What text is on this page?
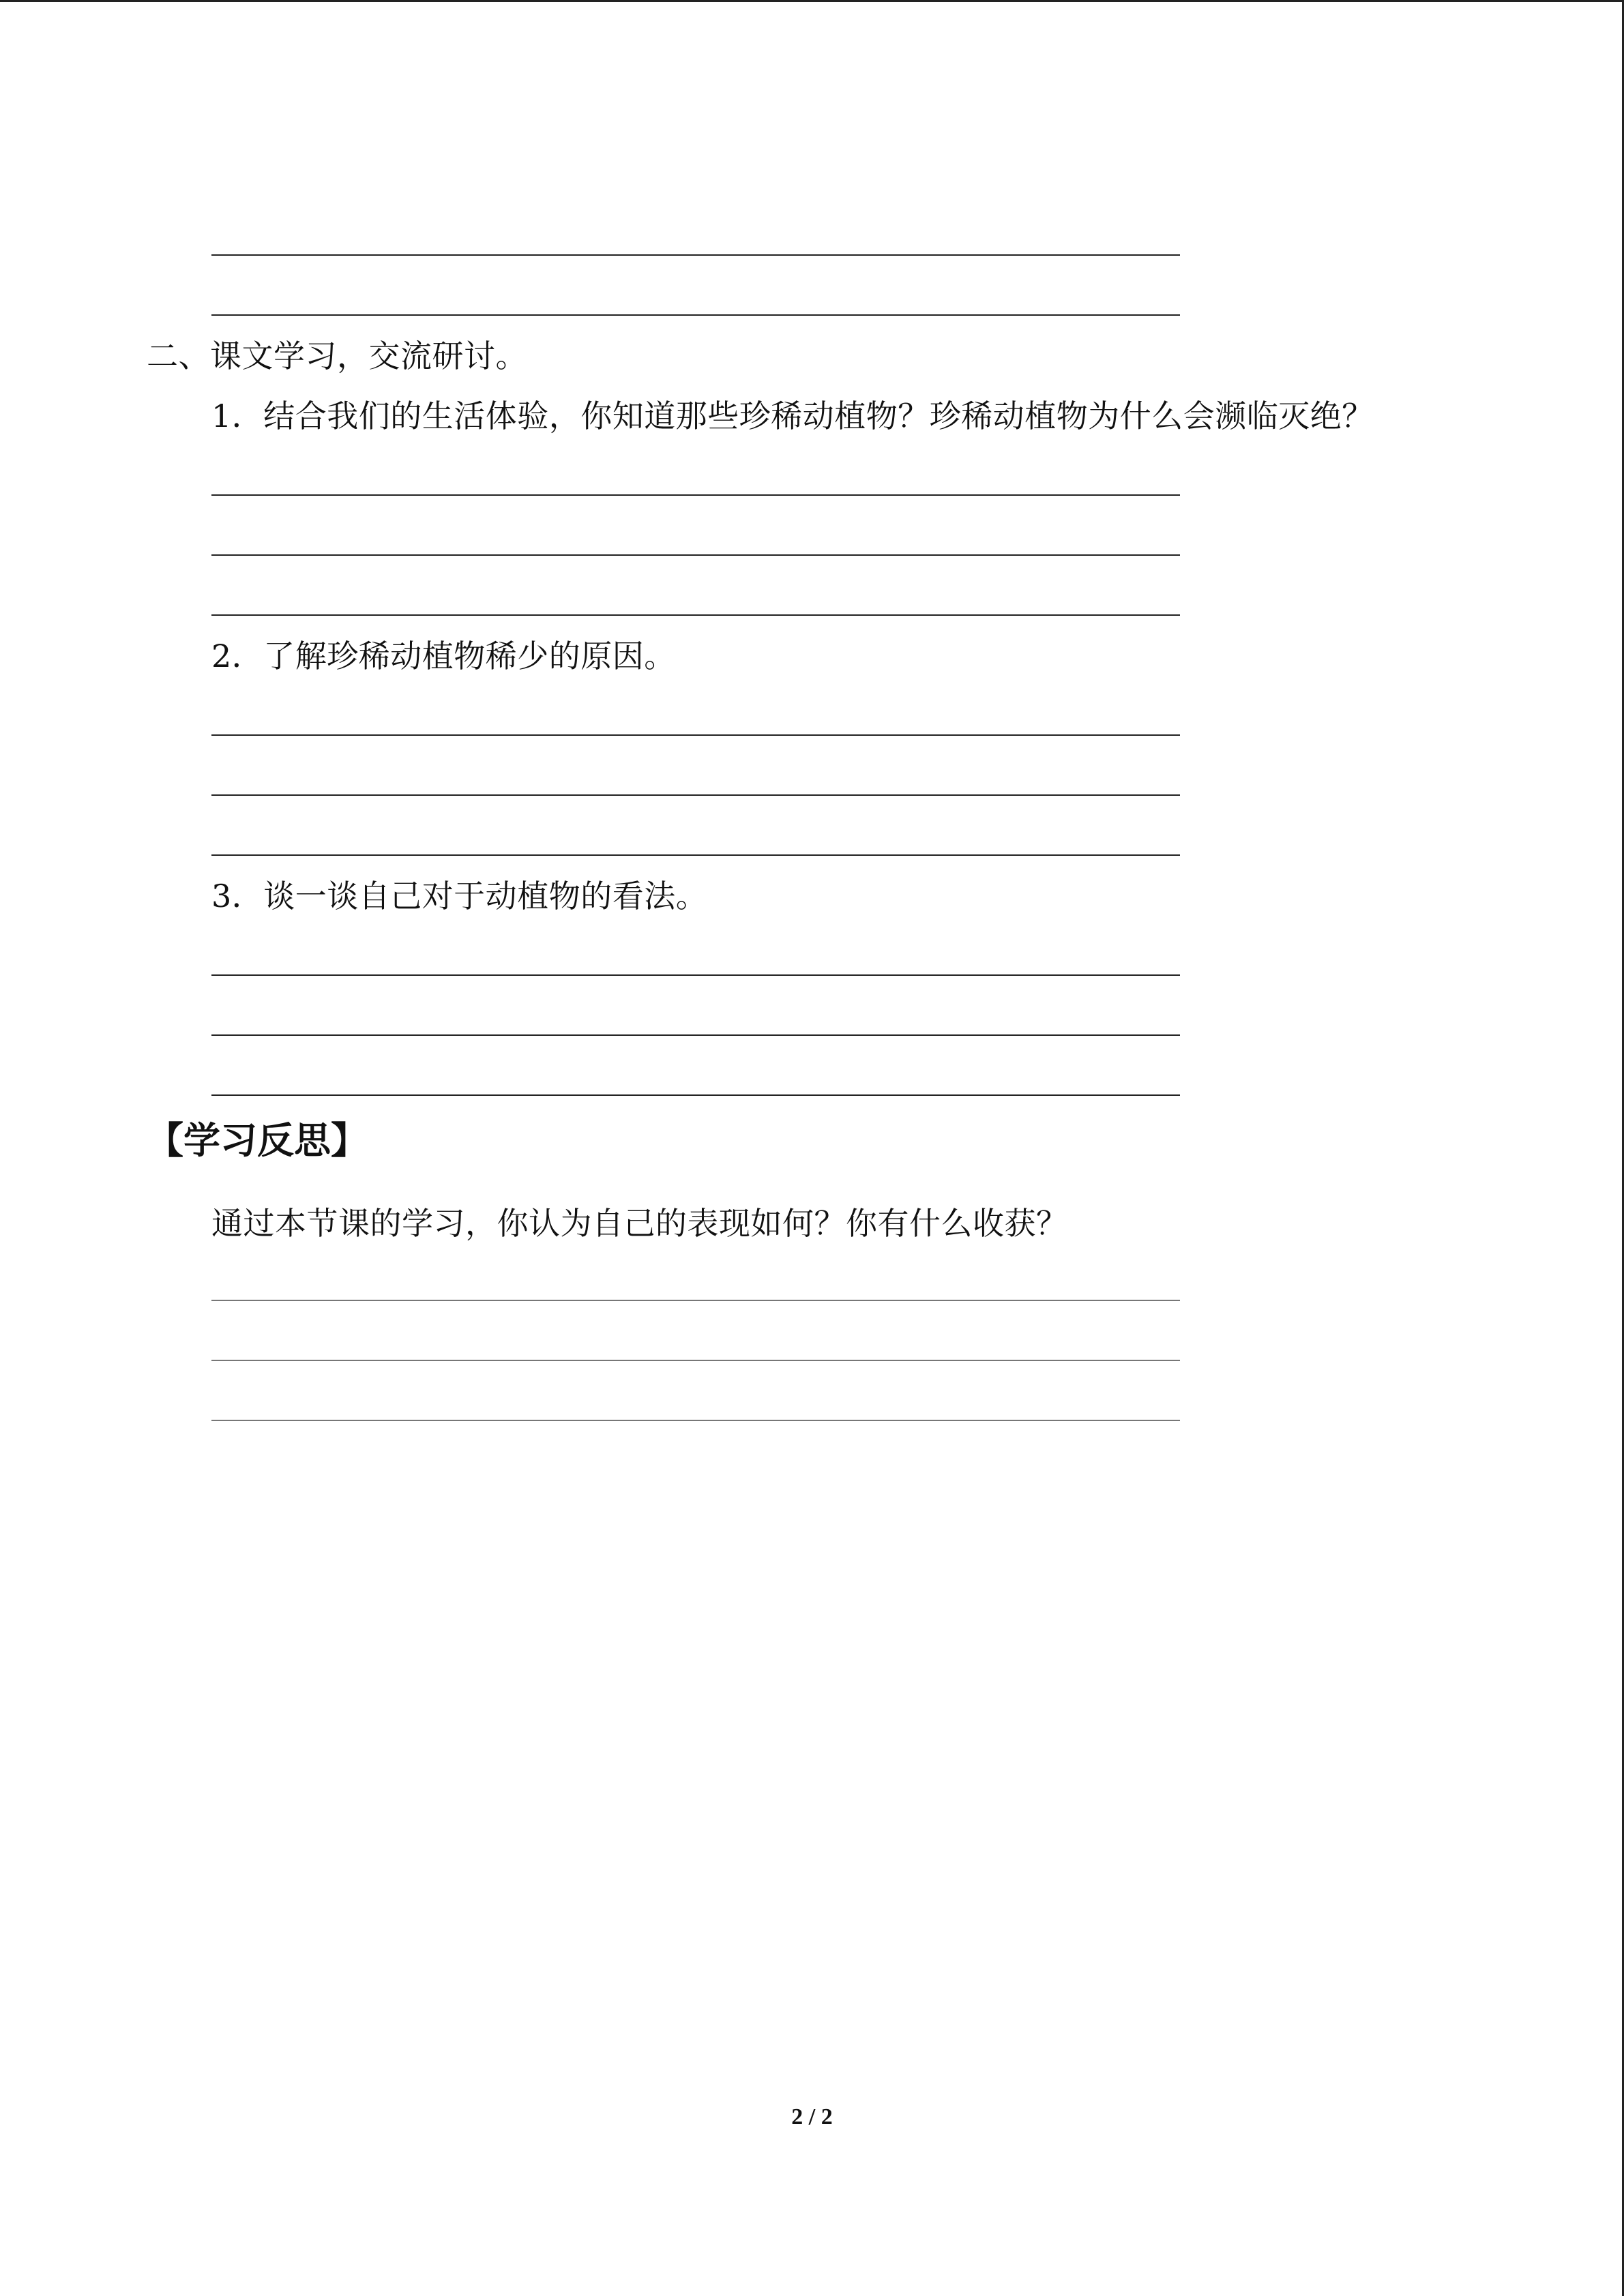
二、课文学习，交流研讨。
1．结合我们的生活体验，你知道那些珍稀动植物？珍稀动植物为什么会濒临灭绝？
2．了解珍稀动植物稀少的原因。
3．谈一谈自己对于动植物的看法。
【学习反思】
通过本节课的学习，你认为自己的表现如何？你有什么收获？
2 / 2
